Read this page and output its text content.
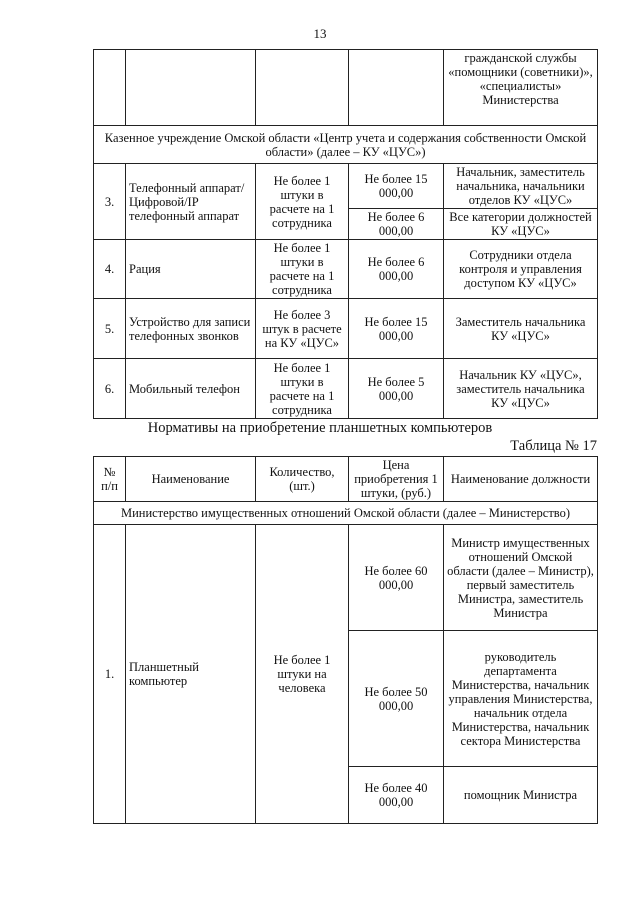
13
				гражданской службы «помощники (советники)», «специалисты» Министерства
Казенное учреждение Омской области «Центр учета и содержания собственности Омской области» (далее – КУ «ЦУС»)				
3.	Телефонный аппарат/Цифровой/IP телефонный аппарат	Не более 1 штуки в расчете на 1 сотрудника	Не более 15 000,00	Начальник, заместитель начальника, начальники отделов КУ «ЦУС»
			Не более 6 000,00	Все категории должностей КУ «ЦУС»
4.	Рация	Не более 1 штуки в расчете на 1 сотрудника	Не более 6 000,00	Сотрудники отдела контроля и управления доступом КУ «ЦУС»
5.	Устройство для записи телефонных звонков	Не более 3 штук в расчете на КУ «ЦУС»	Не более 15 000,00	Заместитель начальника КУ «ЦУС»
6.	Мобильный телефон	Не более 1 штуки в расчете на 1 сотрудника	Не более 5 000,00	Начальник КУ «ЦУС», заместитель начальника КУ «ЦУС»
Нормативы на приобретение планшетных компьютеров
Таблица № 17
№ п/п	Наименование	Количество, (шт.)	Цена приобретения 1 штуки, (руб.)	Наименование должности
Министерство имущественных отношений Омской области (далее – Министерство)				
1.	Планшетный компьютер	Не более 1 штуки на человека	Не более 60 000,00	Министр имущественных отношений Омской области (далее – Министр), первый заместитель Министра, заместитель Министра
			Не более 50 000,00	руководитель департамента Министерства, начальник управления Министерства, начальник отдела Министерства, начальник сектора Министерства
			Не более 40 000,00	помощник Министра
